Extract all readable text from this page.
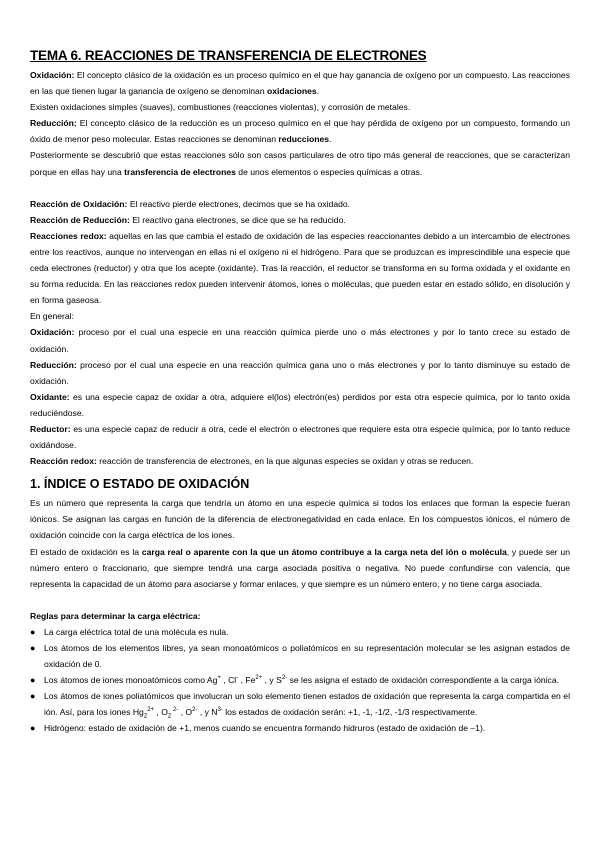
TEMA 6. REACCIONES DE TRANSFERENCIA DE ELECTRONES

Oxidación: El concepto clásico de la oxidación es un proceso químico en el que hay ganancia de oxígeno por un compuesto. Las reacciones en las que tienen lugar la ganancia de oxígeno se denominan oxidaciones.

Existen oxidaciones simples (suaves), combustiones (reacciones violentas), y corrosión de metales.

Reducción: El concepto clásico de la reducción es un proceso químico en el que hay pérdida de oxígeno por un compuesto, formando un óxido de menor peso molecular. Estas reacciones se denominan reducciones.

Posteriormente se descubrió que estas reacciones sólo son casos particulares de otro tipo más general de reacciones, que se caracterizan porque en ellas hay una transferencia de electrones de unos elementos o especies químicas a otras.

Reacción de Oxidación: El reactivo pierde electrones, decimos que se ha oxidado.

Reacción de Reducción: El reactivo gana electrones, se dice que se ha reducido.

Reacciones redox: aquellas en las que cambia el estado de oxidación de las especies reaccionantes debido a un intercambio de electrones entre los reactivos, aunque no intervengan en ellas ni el oxígeno ni el hidrógeno. Para que se produzcan es imprescindible una especie que ceda electrones (reductor) y otra que los acepte (oxidante). Tras la reacción, el reductor se transforma en su forma oxidada y el oxidante en su forma reducida. En las reacciones redox pueden intervenir átomos, iones o moléculas, que pueden estar en estado sólido, en disolución y en forma gaseosa.

En general:

Oxidación: proceso por el cual una especie en una reacción química pierde uno o más electrones y por lo tanto crece su estado de oxidación.

Reducción: proceso por el cual una especie en una reacción química gana uno o más electrones y por lo tanto disminuye su estado de oxidación.

Oxidante: es una especie capaz de oxidar a otra, adquiere el(los) electrón(es) perdidos por esta otra especie química, por lo tanto oxida reduciéndose.

Reductor: es una especie capaz de reducir a otra, cede el electrón o electrones que requiere esta otra especie química, por lo tanto reduce oxidándose.

Reacción redox: reacción de transferencia de electrones, en la que algunas especies se oxidan y otras se reducen.

1. ÍNDICE O ESTADO DE OXIDACIÓN

Es un número que representa la carga que tendría un átomo en una especie química si todos los enlaces que forman la especie fueran iónicos. Se asignan las cargas en función de la diferencia de electronegatividad en cada enlace. En los compuestos iónicos, el número de oxidación coincide con la carga eléctrica de los iones.

El estado de oxidación es la carga real o aparente con la que un átomo contribuye a la carga neta del ión o molécula, y puede ser un número entero o fraccionario, que siempre tendrá una carga asociada positiva o negativa. No puede confundirse con valencia, que representa la capacidad de un átomo para asociarse y formar enlaces, y que siempre es un número entero, y no tiene carga asociada.

Reglas para determinar la carga eléctrica:

● La carga eléctrica total de una molécula es nula.
● Los átomos de los elementos libres, ya sean monoatómicos o poliatómicos en su representación molecular se les asignan estados de oxidación de 0.
● Los átomos de iones monoatómicos como Ag+ , Cl- , $Fe^{2+}$ , y $S^{2-}$ se les asigna el estado de oxidación correspondiente a la carga iónica.
● Los átomos de iones poliatómicos que involucran un solo elemento tienen estados de oxidación que representa la carga compartida en el ión. Así, para los iones $Hg_2^{2+}$ , $O_2$ $^{2-}$ , $O^{2-}$ , y $N^{3-}$ los estados de oxidación serán: +1, -1, -1/2, -1/3 respectivamente.
● Hidrógeno: estado de oxidación de +1, menos cuando se encuentra formando hidruros (estado de oxidación de –1).
